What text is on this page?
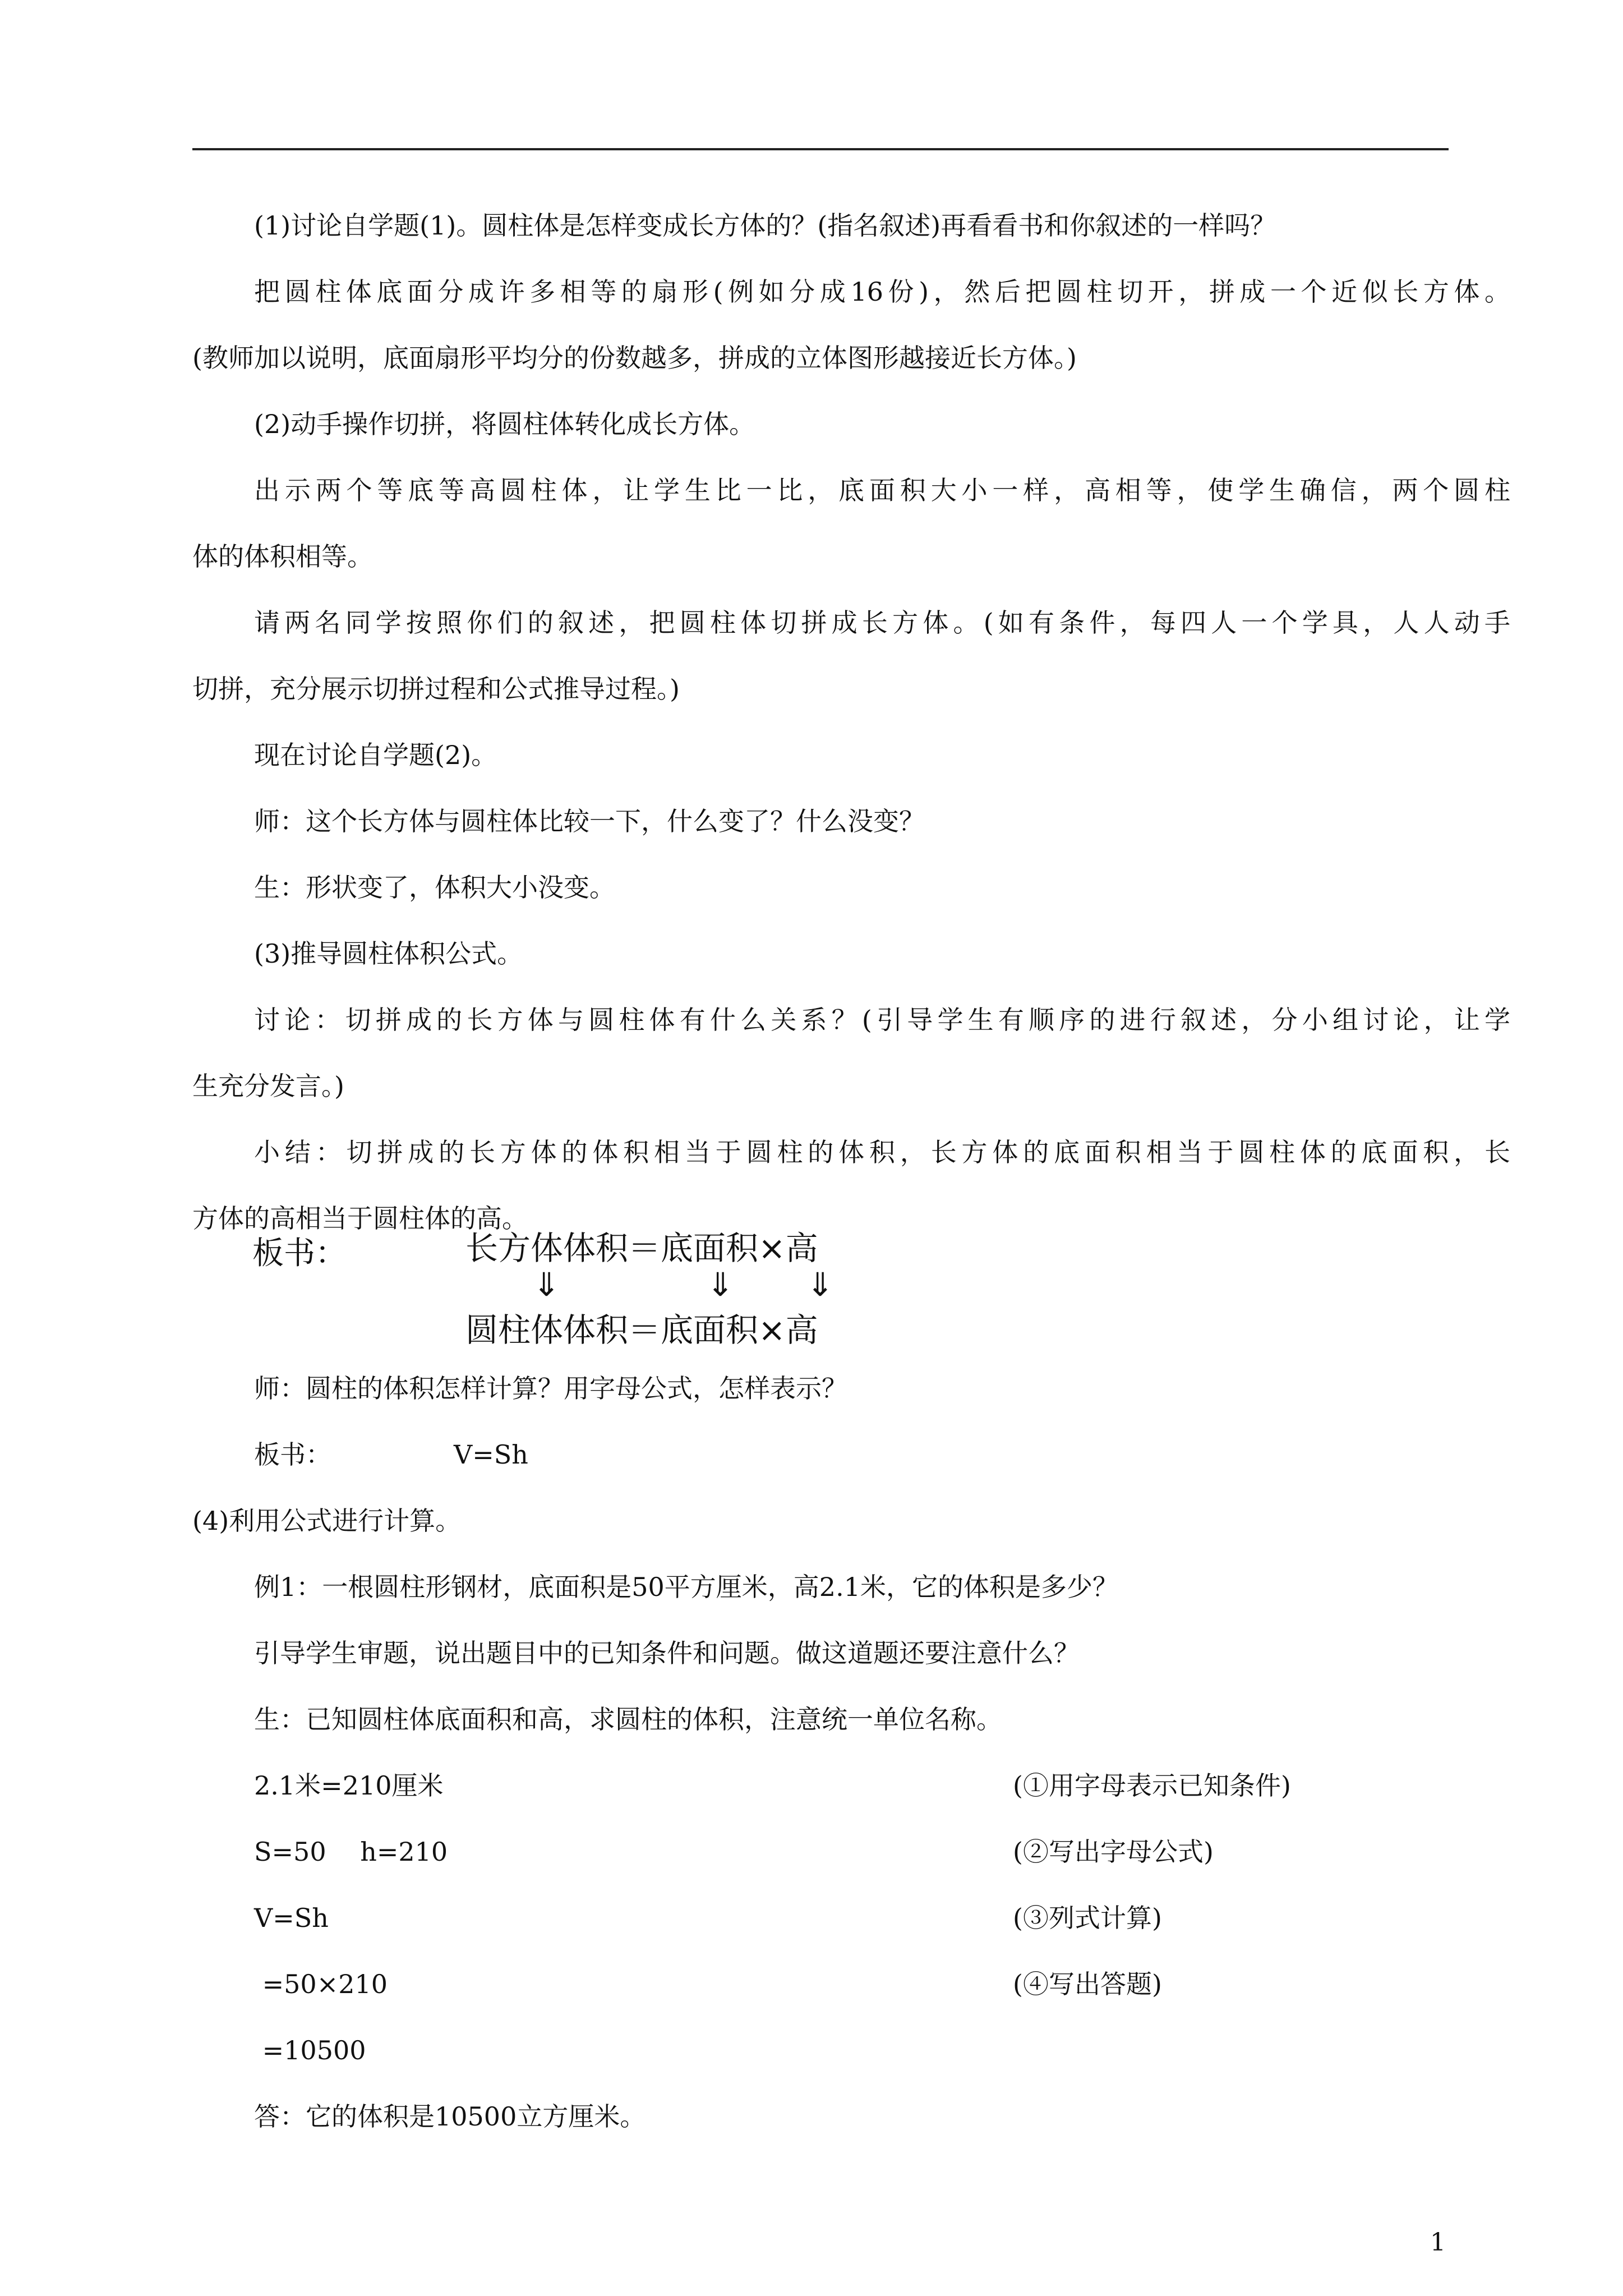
(1)讨论自学题(1)。圆柱体是怎样变成长方体的？(指名叙述)再看看书和你叙述的一样吗？
把圆柱体底面分成许多相等的扇形(例如分成16份)，然后把圆柱切开，拼成一个近似长方体。
(教师加以说明，底面扇形平均分的份数越多，拼成的立体图形越接近长方体。)
(2)动手操作切拼，将圆柱体转化成长方体。
出示两个等底等高圆柱体，让学生比一比，底面积大小一样，高相等，使学生确信，两个圆柱
体的体积相等。
请两名同学按照你们的叙述，把圆柱体切拼成长方体。(如有条件，每四人一个学具，人人动手
切拼，充分展示切拼过程和公式推导过程。)
现在讨论自学题(2)。
师：这个长方体与圆柱体比较一下，什么变了？什么没变？
生：形状变了，体积大小没变。
(3)推导圆柱体积公式。
讨论：切拼成的长方体与圆柱体有什么关系？(引导学生有顺序的进行叙述，分小组讨论，让学
生充分发言。)
小结：切拼成的长方体的体积相当于圆柱的体积，长方体的底面积相当于圆柱体的底面积，长
方体的高相当于圆柱体的高。
板书：	长方体体积＝底面积×高
⇓	⇓ ⇓
圆柱体体积＝底面积×高
师：圆柱的体积怎样计算？用字母公式，怎样表示？
板书：	V=Sh
(4)利用公式进行计算。
例1：一根圆柱形钢材，底面积是50平方厘米，高2.1米，它的体积是多少？
引导学生审题，说出题目中的已知条件和问题。做这道题还要注意什么？
生：已知圆柱体底面积和高，求圆柱的体积，注意统一单位名称。
2.1米=210厘米	(①用字母表示已知条件)
S=50　 h=210	(②写出字母公式)
V=Sh	(③列式计算)
=50×210	(④写出答题)
=10500
答：它的体积是10500立方厘米。
1
